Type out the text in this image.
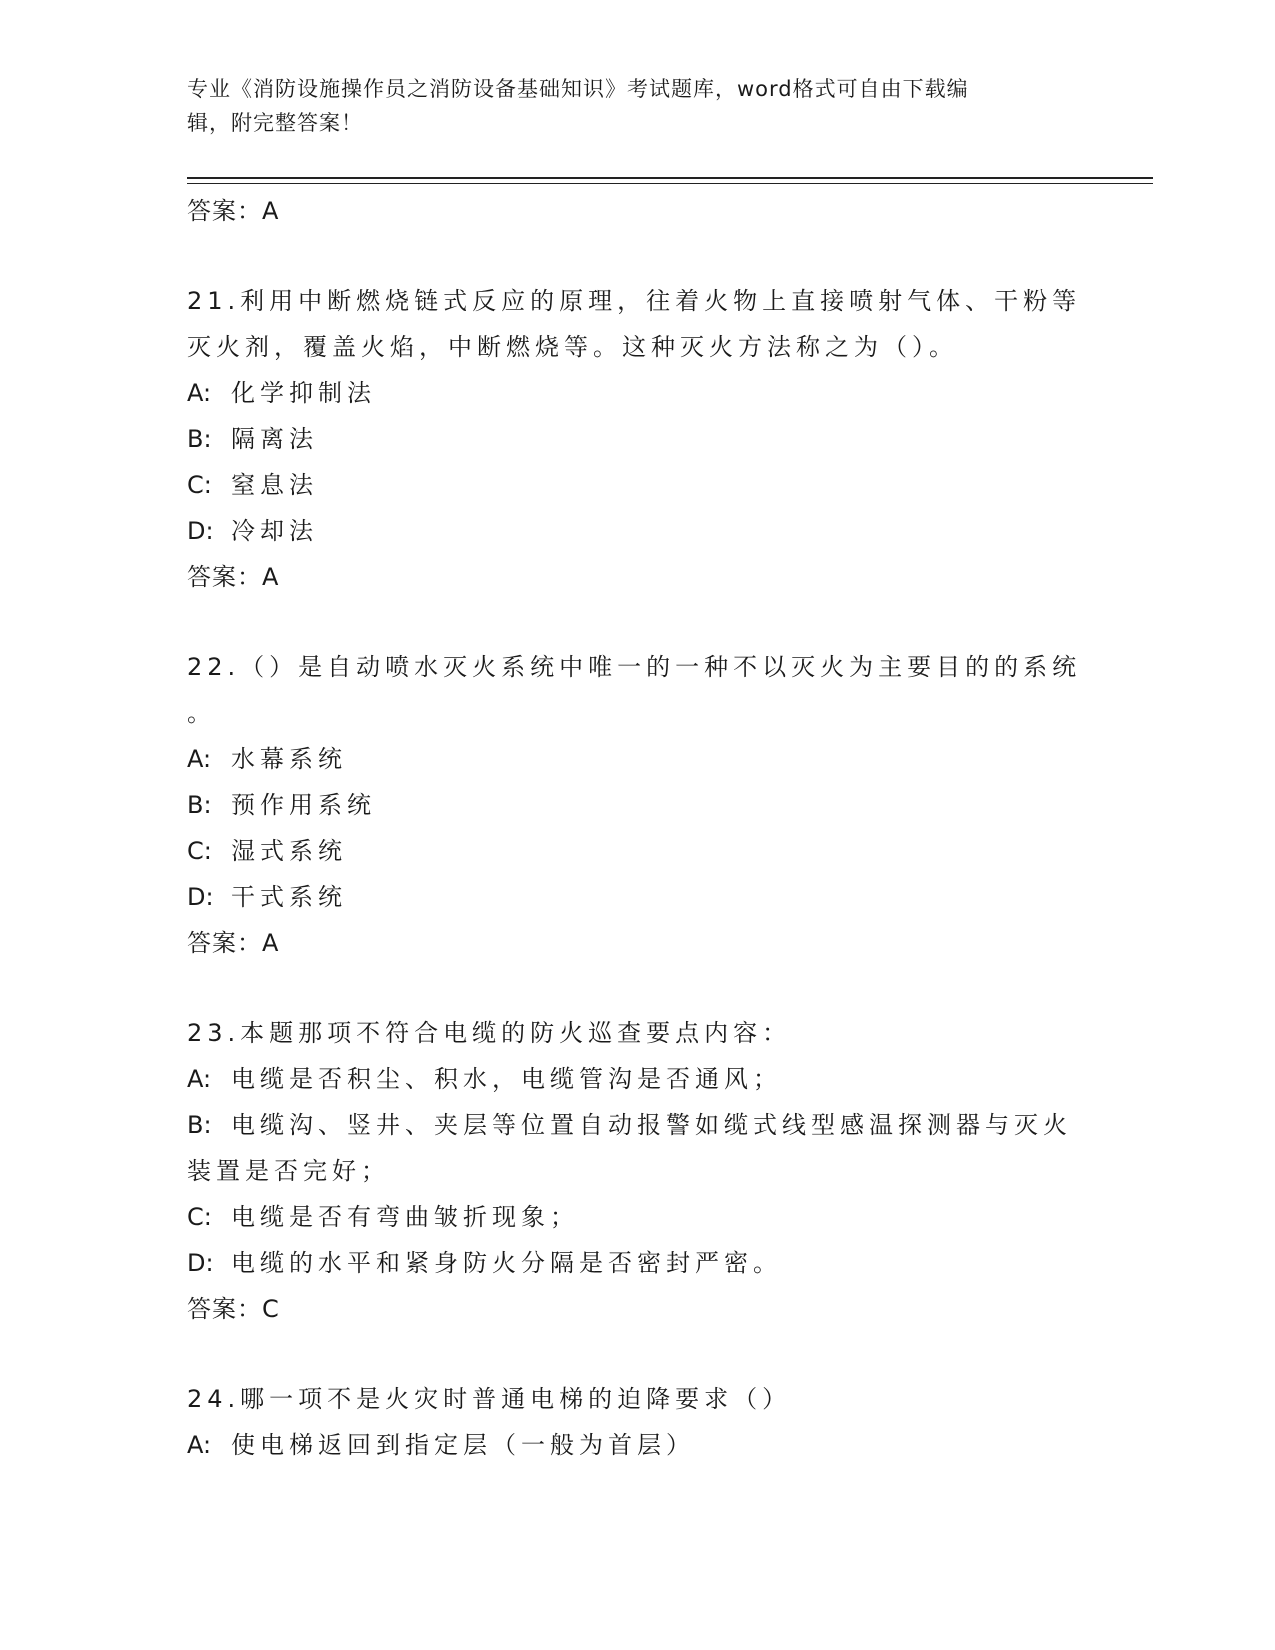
专业《消防设施操作员之消防设备基础知识》考试题库，word格式可自由下载编
辑，附完整答案！
答案：A
21.利用中断燃烧链式反应的原理，往着火物上直接喷射气体、干粉等
灭火剂，覆盖火焰，中断燃烧等。这种灭火方法称之为（）。
A: 化学抑制法
B: 隔离法
C: 窒息法
D: 冷却法
答案：A
22.（）是自动喷水灭火系统中唯一的一种不以灭火为主要目的的系统
。
A: 水幕系统
B: 预作用系统
C: 湿式系统
D: 干式系统
答案：A
23.本题那项不符合电缆的防火巡查要点内容：
A: 电缆是否积尘、积水，电缆管沟是否通风；
B: 电缆沟、竖井、夹层等位置自动报警如缆式线型感温探测器与灭火
装置是否完好；
C: 电缆是否有弯曲皱折现象；
D: 电缆的水平和紧身防火分隔是否密封严密。
答案：C
24.哪一项不是火灾时普通电梯的迫降要求（）
A: 使电梯返回到指定层（一般为首层）
